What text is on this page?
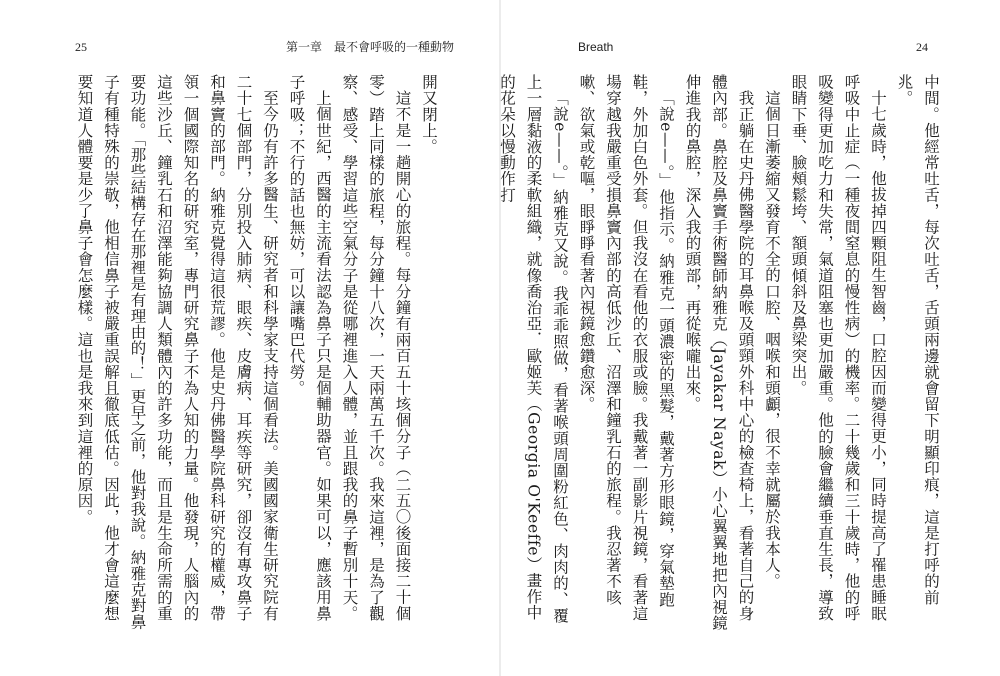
25	第一章　最不會呼吸的一種動物

開又閉上。

這不是一趟開心的旅程。每分鐘有兩百五十垓個分子（二五〇後面接二十個零）踏上同樣的旅程，每分鐘十八次，一天兩萬五千次。我來這裡，是為了觀察、感受、學習這些空氣分子是從哪裡進入人體，並且跟我的鼻子暫別十天。

上個世紀，西醫的主流看法認為鼻子只是個輔助器官。如果可以，應該用鼻子呼吸；不行的話也無妨，可以讓嘴巴代勞。

至今仍有許多醫生、研究者和科學家支持這個看法。美國國家衛生研究院有二十七個部門，分別投入肺病、眼疾、皮膚病、耳疾等研究，卻沒有專攻鼻子和鼻竇的部門。納雅克覺得這很荒謬。他是史丹佛醫學院鼻科研究的權威，帶領一個國際知名的研究室，專門研究鼻子不為人知的力量。他發現，人腦內的這些沙丘、鐘乳石和沼澤能夠協調人類體內的許多功能，而且是生命所需的重要功能。「那些結構存在那裡是有理由的！」更早之前，他對我說。納雅克對鼻子有種特殊的崇敬，他相信鼻子被嚴重誤解且徹底低估。因此，他才會這麼想要知道人體要是少了鼻子會怎麼樣。這也是我來到這裡的原因。

Breath	24

中間。他經常吐舌，每次吐舌，舌頭兩邊就會留下明顯印痕，這是打呼的前兆。

十七歲時，他拔掉四顆阻生智齒，口腔因而變得更小，同時提高了罹患睡眠呼吸中止症（一種夜間窒息的慢性病）的機率。二十幾歲和三十歲時，他的呼吸變得更加吃力和失常，氣道阻塞也更加嚴重。他的臉會繼續垂直生長，導致眼睛下垂、臉頰鬆垮、額頭傾斜及鼻梁突出。

這個日漸萎縮又發育不全的口腔、咽喉和頭顱，很不幸就屬於我本人。

我正躺在史丹佛醫學院的耳鼻喉及頭頸外科中心的檢查椅上，看著自己的身體內部。鼻腔及鼻竇手術醫師納雅克（Jayakar Nayak）小心翼翼地把內視鏡伸進我的鼻腔，深入我的頭部，再從喉嚨出來。

「說e——。」他指示。納雅克一頭濃密的黑髮，戴著方形眼鏡，穿氣墊跑鞋，外加白色外套。但我沒在看他的衣服或臉。我戴著一副影片視鏡，看著這場穿越我嚴重受損鼻竇內部的高低沙丘、沼澤和鐘乳石的旅程。我忍著不咳嗽、欲氣或乾嘔，眼睜睜看著內視鏡愈鑽愈深。

「說e——。」納雅克又說。我乖乖照做，看著喉頭周圍粉紅色、肉肉的、覆上一層黏液的柔軟組織，就像喬治亞．歐姬芙（Georgia O'Keeffe）畫作中的花朵以慢動作打
